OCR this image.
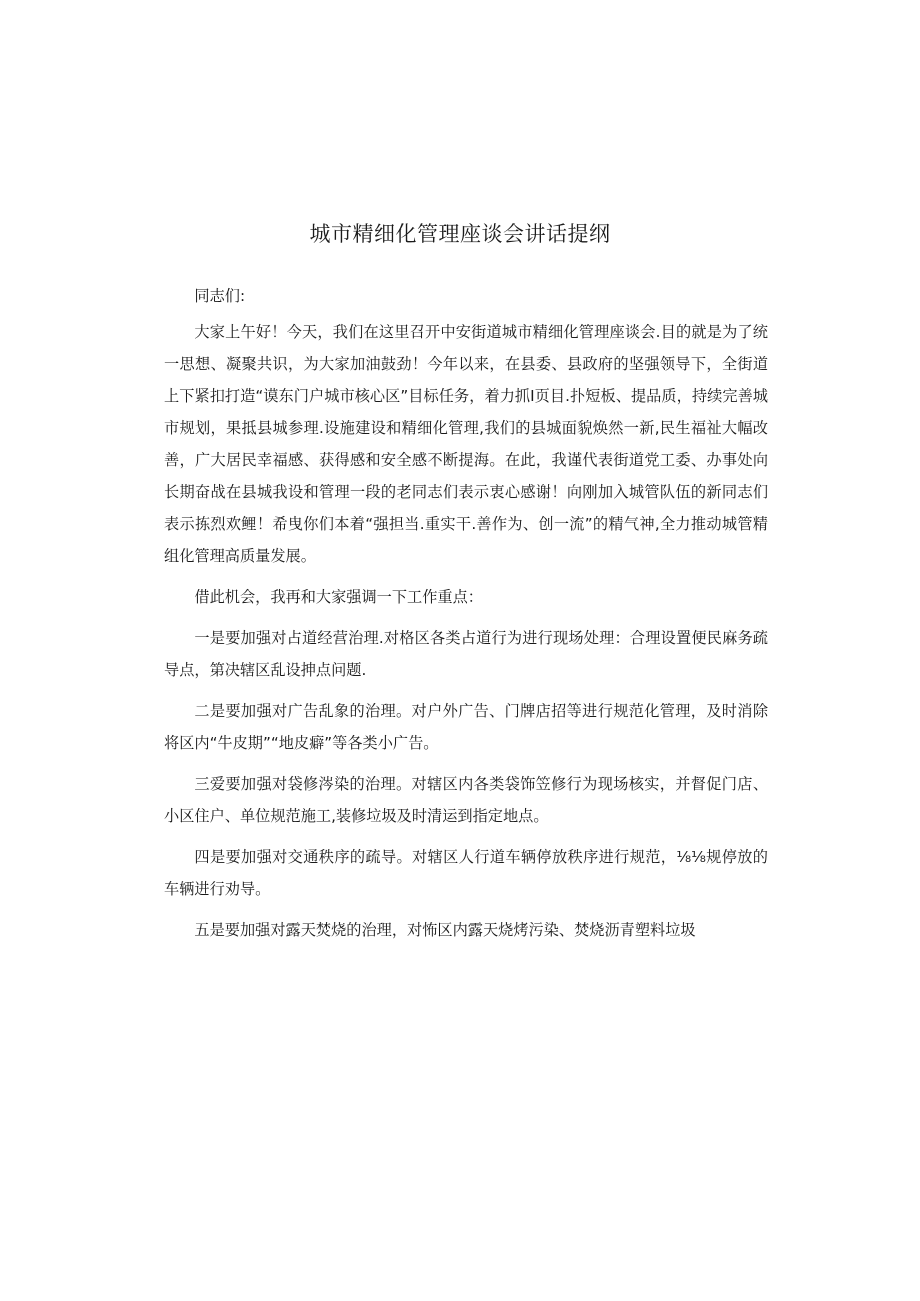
城市精细化管理座谈会讲话提纲

同志们:

大家上午好！今天，我们在这里召开中安街道城市精细化管理座谈会.目的就是为了统一思想、凝聚共识，为大家加油鼓劲！今年以来，在县委、县政府的坚强领导下，全街道上下紧扣打造“谟东门户城市核心区”目标任务，着力抓I页目.扑短板、提品质，持续完善城市规划，果抵县城参理.设施建设和精细化管理,我们的县城面貌焕然一新,民生福祉大幅改善，广大居民幸福感、获得感和安全感不断提海。在此，我谨代表街道党工委、办事处向长期奋战在县城我设和管理一段的老同志们表示衷心感谢！向刚加入城管队伍的新同志们表示拣烈欢鲤！希曳你们本着“强担当.重实干.善作为、创一流”的精气神,全力推动城管精组化管理高质量发展。

借此机会，我再和大家强调一下工作重点：

一是要加强对占道经营治理.对格区各类占道行为进行现场处理：合理设置便民麻务疏导点，第决辖区乱设抻点问题.

二是要加强对广告乱象的治理。对户外广告、门牌店招等进行规范化管理，及时消除将区内“牛皮期”“地皮癖”等各类小广告。

三爱要加强对袋修涔染的治理。对辖区内各类袋饰笠修行为现场核实，并督促门店、小区住户、单位规范施工,装修垃圾及时清运到指定地点。

四是要加强对交通秩序的疏导。对辖区人行道车辆停放秩序进行规范，⅛⅛规停放的车辆进行劝导。

五是要加强对露天焚烧的治理，对怖区内露天烧烤污染、焚烧沥青塑料垃圾
